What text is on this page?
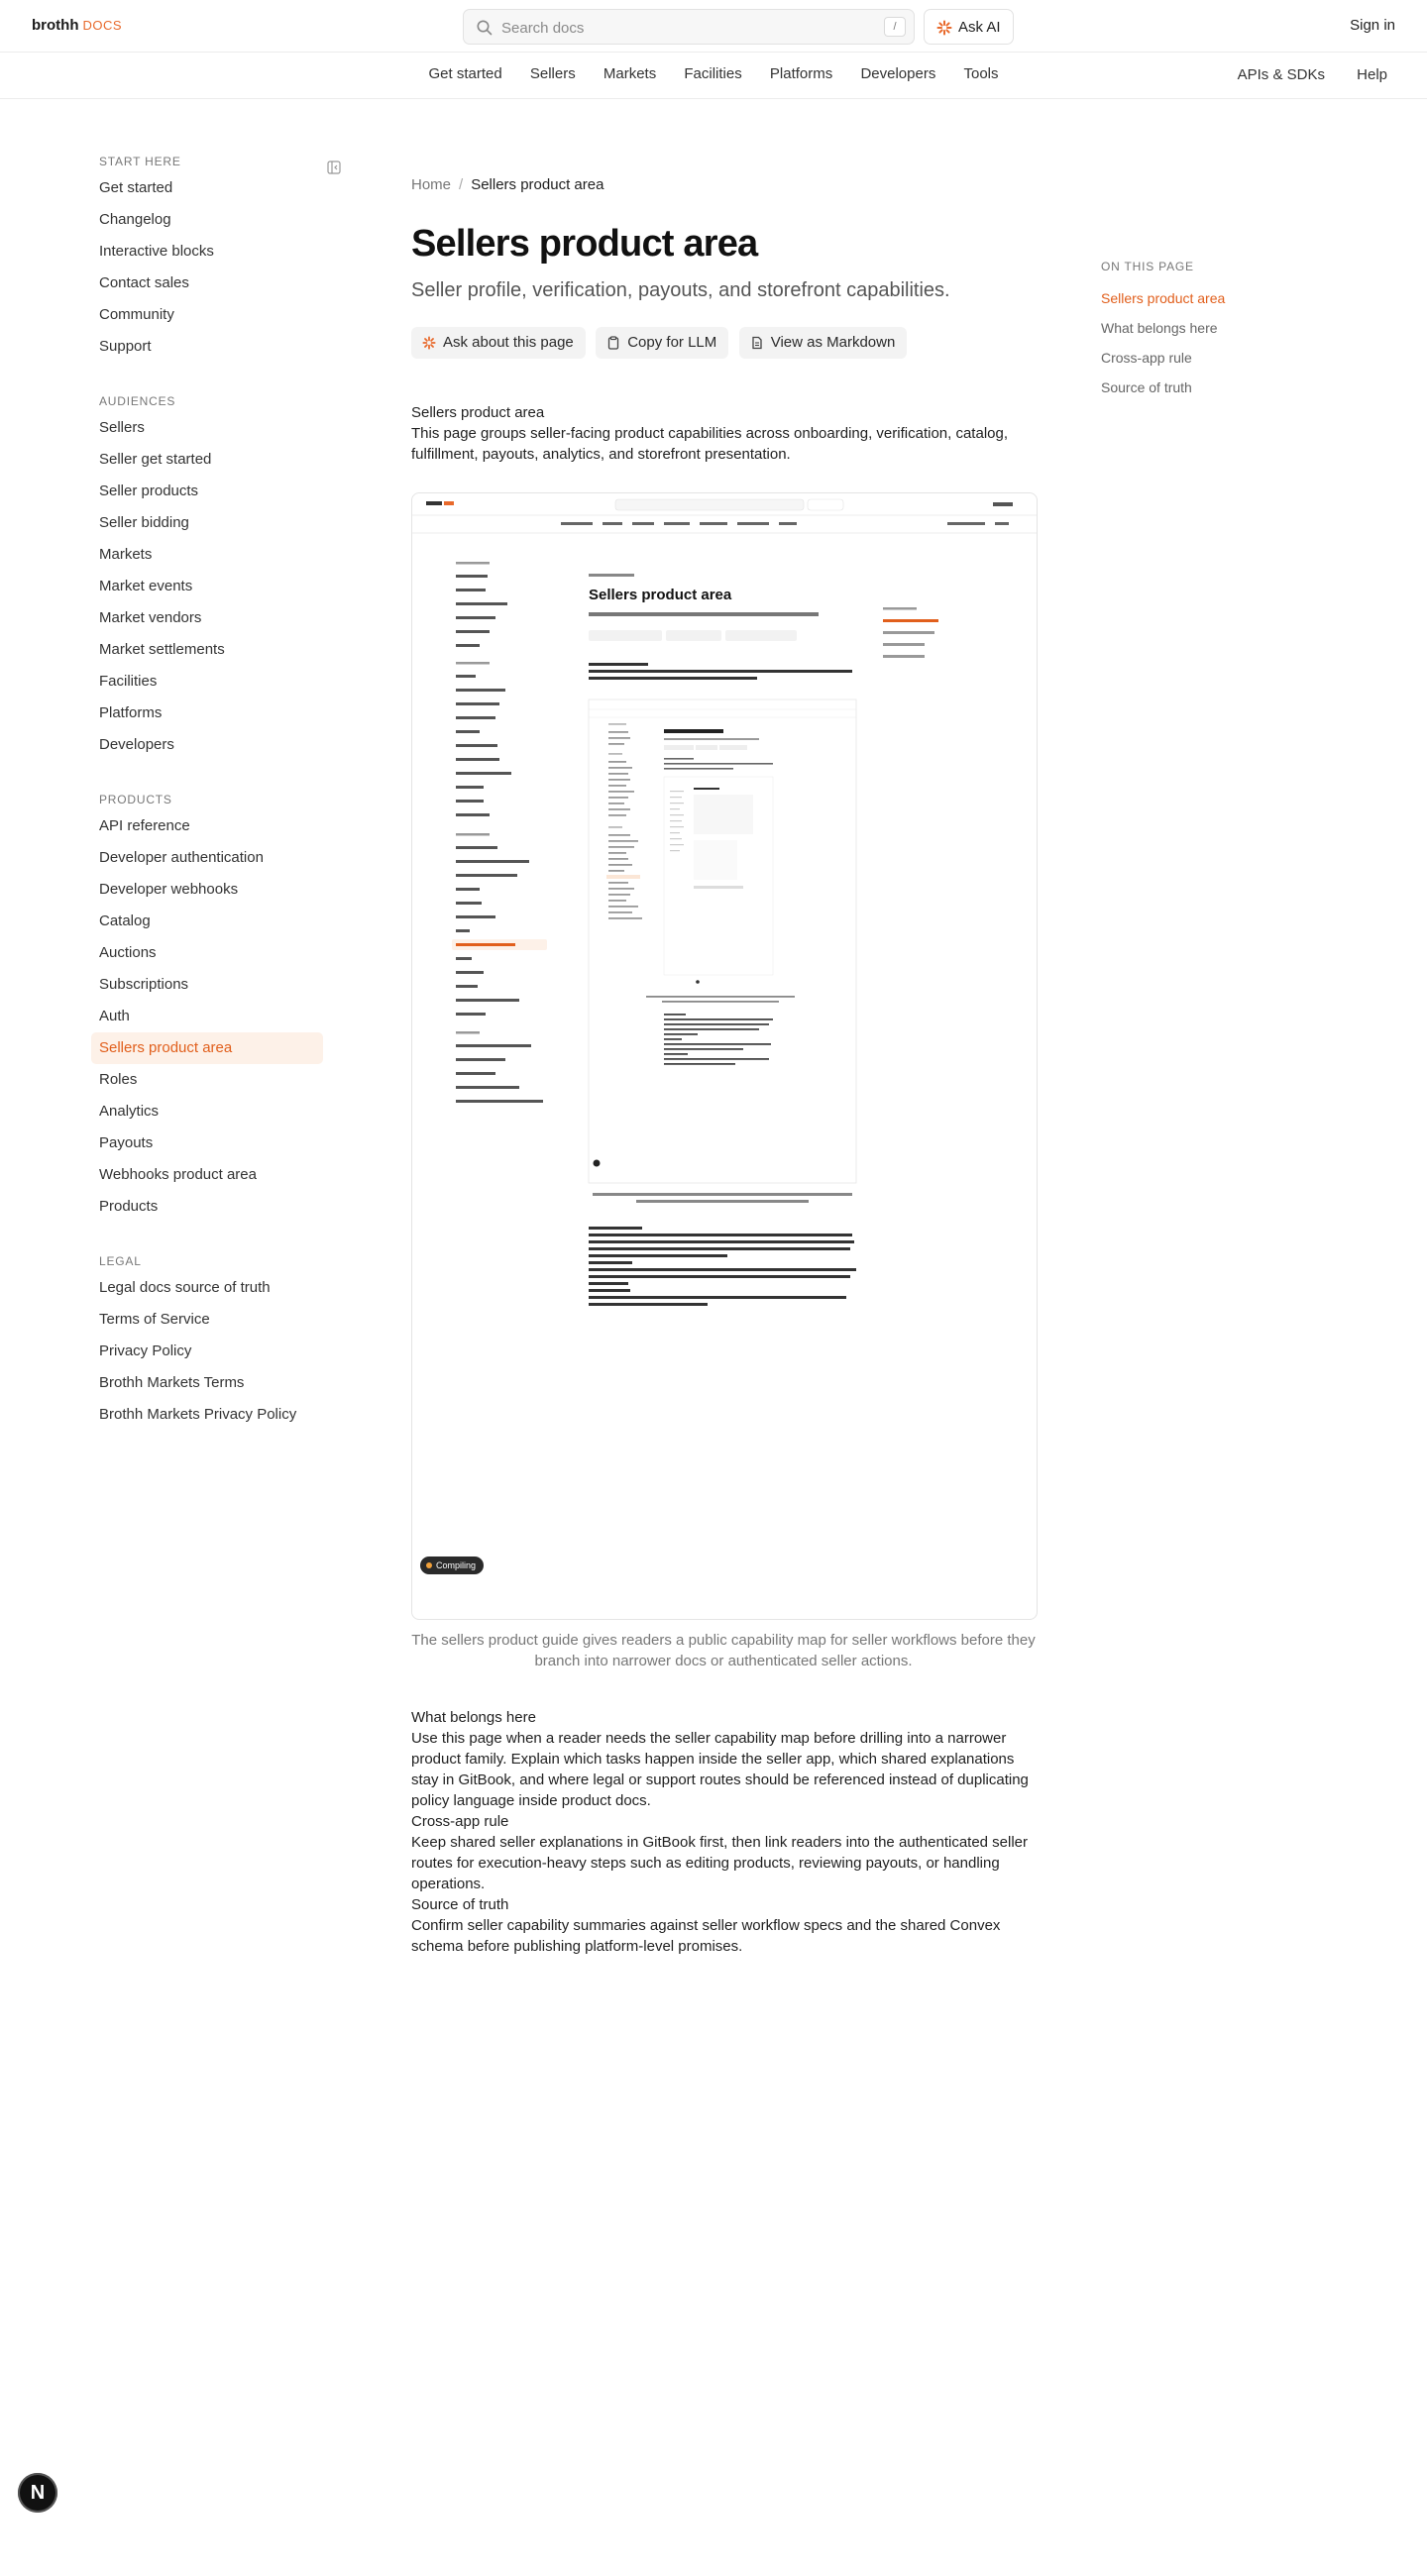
brothh DOCS	Search docs	/	Ask AI	Sign in
Get started Sellers Markets Facilities Platforms Developers Tools	APIs & SDKs Help
START HERE
Get started
Changelog
Interactive blocks
Contact sales
Community
Support
AUDIENCES
Sellers
Seller get started
Seller products
Seller bidding
Markets
Market events
Market vendors
Market settlements
Facilities
Platforms
Developers
PRODUCTS
API reference
Developer authentication
Developer webhooks
Catalog
Auctions
Subscriptions
Auth
Sellers product area
Roles
Analytics
Payouts
Webhooks product area
Products
LEGAL
Legal docs source of truth
Terms of Service
Privacy Policy
Brothh Markets Terms
Brothh Markets Privacy Policy
Home / Sellers product area
Sellers product area
Seller profile, verification, payouts, and storefront capabilities.
Ask about this page	Copy for LLM	View as Markdown
Sellers product area
This page groups seller-facing product capabilities across onboarding, verification, catalog, fulfillment, payouts, analytics, and storefront presentation.
Sellers product area
Compiling
The sellers product guide gives readers a public capability map for seller workflows before they branch into narrower docs or authenticated seller actions.
What belongs here
Use this page when a reader needs the seller capability map before drilling into a narrower product family. Explain which tasks happen inside the seller app, which shared explanations stay in GitBook, and where legal or support routes should be referenced instead of duplicating policy language inside product docs.
Cross-app rule
Keep shared seller explanations in GitBook first, then link readers into the authenticated seller routes for execution-heavy steps such as editing products, reviewing payouts, or handling operations.
Source of truth
Confirm seller capability summaries against seller workflow specs and the shared Convex schema before publishing platform-level promises.
ON THIS PAGE
Sellers product area
What belongs here
Cross-app rule
Source of truth
N
